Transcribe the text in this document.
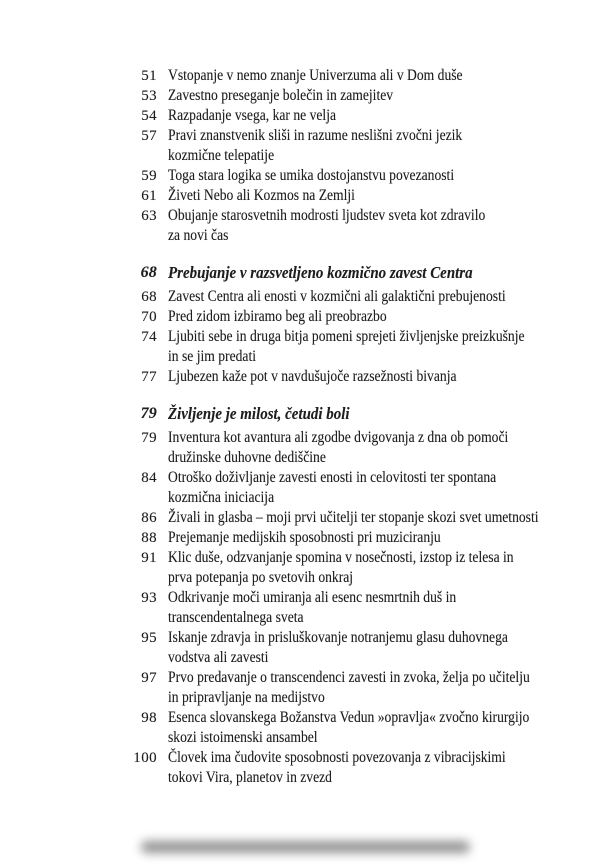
51 Vstopanje v nemo znanje Univerzuma ali v Dom duše
53 Zavestno preseganje bolečin in zamejitev
54 Razpadanje vsega, kar ne velja
57 Pravi znanstvenik sliši in razume neslišni zvočni jezik
kozmične telepatije
59 Toga stara logika se umika dostojanstvu povezanosti
61 Živeti Nebo ali Kozmos na Zemlji
63 Obujanje starosvetnih modrosti ljudstev sveta kot zdravilo
za novi čas
68 Prebujanje v razsvetljeno kozmično zavest Centra
68 Zavest Centra ali enosti v kozmični ali galaktični prebujenosti
70 Pred zidom izbiramo beg ali preobrazbo
74 Ljubiti sebe in druga bitja pomeni sprejeti življenjske preizkušnje
in se jim predati
77 Ljubezen kaže pot v navdušujoče razsežnosti bivanja
79 Življenje je milost, četudi boli
79 Inventura kot avantura ali zgodbe dvigovanja z dna ob pomoči
družinske duhovne dediščine
84 Otroško doživljanje zavesti enosti in celovitosti ter spontana
kozmična iniciacija
86 Živali in glasba – moji prvi učitelji ter stopanje skozi svet umetnosti
88 Prejemanje medijskih sposobnosti pri muziciranju
91 Klic duše, odzvanjanje spomina v nosečnosti, izstop iz telesa in
prva potepanja po svetovih onkraj
93 Odkrivanje moči umiranja ali esenc nesmrtnih duš in
transcendentalnega sveta
95 Iskanje zdravja in prisluškovanje notranjemu glasu duhovnega
vodstva ali zavesti
97 Prvo predavanje o transcendenci zavesti in zvoka, želja po učitelju
in pripravljanje na medijstvo
98 Esenca slovanskega Božanstva Vedun »opravlja« zvočno kirurgijo
skozi istoimenski ansambel
100 Človek ima čudovite sposobnosti povezovanja z vibracijskimi
tokovi Vira, planetov in zvezd
